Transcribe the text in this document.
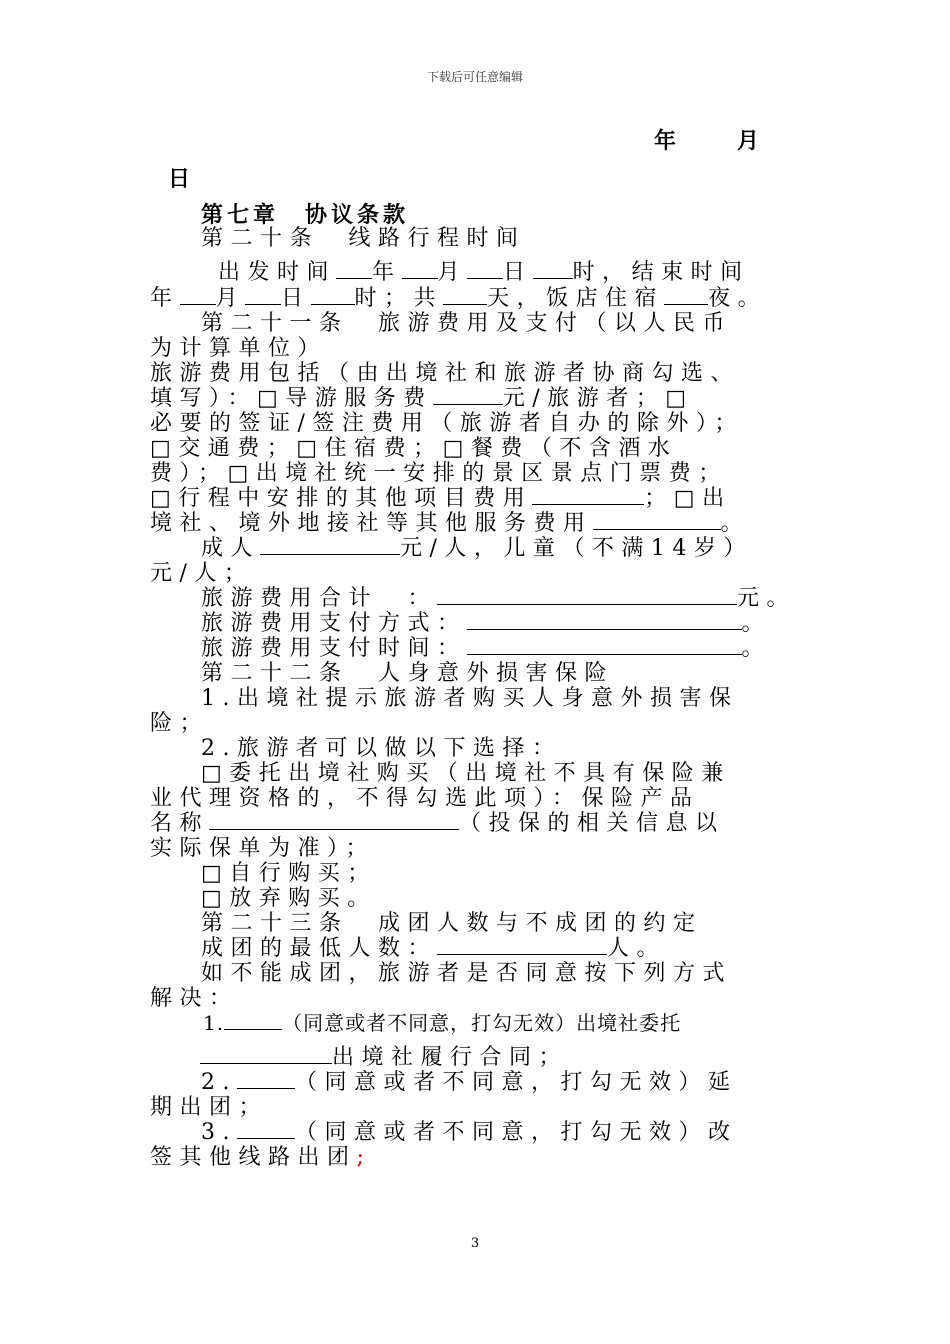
下载后可任意编辑
年	月
日
第七章　协议条款
第二十条　线路行程时间
出发时间 年 月 日 时，结束时间
年 月 日 时；共 天，饭店住宿 夜。
第二十一条　旅游费用及支付（以人民币
为计算单位）
旅游费用包括（由出境社和旅游者协商勾选、
填写）：□导游服务费	元/旅游者；□
必要的签证/签注费用（旅游者自办的除外）；
□交通费；□住宿费；□餐费（不含酒水
费）；□出境社统一安排的景区景点门票费；
□行程中安排的其他项目费用	；□出
境社、境外地接社等其他服务费用	。
成人	元/人，儿童（不满14岁）
元/人；
旅游费用合计　：	元。
旅游费用支付方式：	。
旅游费用支付时间：	。
第二十二条　人身意外损害保险
1.出境社提示旅游者购买人身意外损害保
险；
2.旅游者可以做以下选择：
□委托出境社购买（出境社不具有保险兼
业代理资格的，不得勾选此项）：保险产品
名称	（投保的相关信息以
实际保单为准）；
□自行购买；
□放弃购买。
第二十三条　成团人数与不成团的约定
成团的最低人数：	人。
如不能成团，旅游者是否同意按下列方式
解决：
1.	（同意或者不同意，打勾无效）出境社委托
出境社履行合同；
2.	（同意或者不同意，打勾无效）延
期出团；
3.	（同意或者不同意，打勾无效）改
签其他线路出团;
3
